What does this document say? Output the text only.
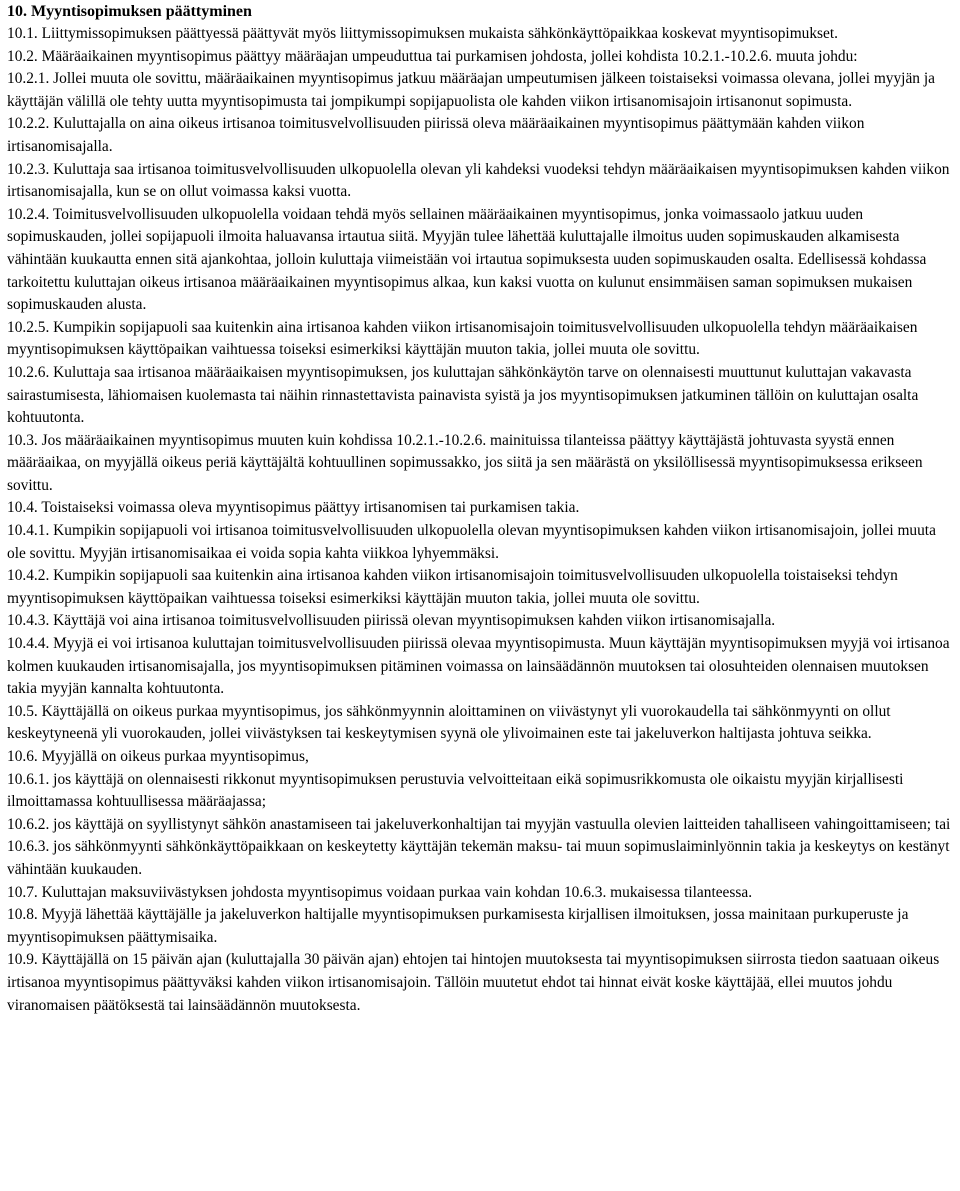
10. Myyntisopimuksen päättyminen

10.1. Liittymissopimuksen päättyessä päättyvät myös liittymissopimuksen mukaista sähkönkäyttöpaikkaa koskevat myyntisopimukset.

10.2. Määräaikainen myyntisopimus päättyy määräajan umpeuduttua tai purkamisen johdosta, jollei kohdista 10.2.1.-10.2.6. muuta johdu:

10.2.1. Jollei muuta ole sovittu, määräaikainen myyntisopimus jatkuu määräajan umpeutumisen jälkeen toistaiseksi voimassa olevana, jollei myyjän ja käyttäjän välillä ole tehty uutta myyntisopimusta tai jompikumpi sopijapuolista ole kahden viikon irtisanomisajoin irtisanonut sopimusta.

10.2.2. Kuluttajalla on aina oikeus irtisanoa toimitusvelvollisuuden piirissä oleva määräaikainen myyntisopimus päättymään kahden viikon irtisanomisajalla.

10.2.3. Kuluttaja saa irtisanoa toimitusvelvollisuuden ulkopuolella olevan yli kahdeksi vuodeksi tehdyn määräaikaisen myyntisopimuksen kahden viikon irtisanomisajalla, kun se on ollut voimassa kaksi vuotta.

10.2.4. Toimitusvelvollisuuden ulkopuolella voidaan tehdä myös sellainen määräaikainen myyntisopimus, jonka voimassaolo jatkuu uuden sopimuskauden, jollei sopijapuoli ilmoita haluavansa irtautua siitä. Myyjän tulee lähettää kuluttajalle ilmoitus uuden sopimuskauden alkamisesta vähintään kuukautta ennen sitä ajankohtaa, jolloin kuluttaja viimeistään voi irtautua sopimuksesta uuden sopimuskauden osalta. Edellisessä kohdassa tarkoitettu kuluttajan oikeus irtisanoa määräaikainen myyntisopimus alkaa, kun kaksi vuotta on kulunut ensimmäisen saman sopimuksen mukaisen sopimuskauden alusta.

10.2.5. Kumpikin sopijapuoli saa kuitenkin aina irtisanoa kahden viikon irtisanomisajoin toimitusvelvollisuuden ulkopuolella tehdyn määräaikaisen myyntisopimuksen käyttöpaikan vaihtuessa toiseksi esimerkiksi käyttäjän muuton takia, jollei muuta ole sovittu.

10.2.6. Kuluttaja saa irtisanoa määräaikaisen myyntisopimuksen, jos kuluttajan sähkönkäytön tarve on olennaisesti muuttunut kuluttajan vakavasta sairastumisesta, lähiomaisen kuolemasta tai näihin rinnastettavista painavista syistä ja jos myyntisopimuksen jatkuminen tällöin on kuluttajan osalta kohtuutonta.

10.3. Jos määräaikainen myyntisopimus muuten kuin kohdissa 10.2.1.-10.2.6. mainituissa tilanteissa päättyy käyttäjästä johtuvasta syystä ennen määräaikaa, on myyjällä oikeus periä käyttäjältä kohtuullinen sopimussakko, jos siitä ja sen määrästä on yksilöllisessä myyntisopimuksessa erikseen sovittu.

10.4. Toistaiseksi voimassa oleva myyntisopimus päättyy irtisanomisen tai purkamisen takia.

10.4.1. Kumpikin sopijapuoli voi irtisanoa toimitusvelvollisuuden ulkopuolella olevan myyntisopimuksen kahden viikon irtisanomisajoin, jollei muuta ole sovittu. Myyjän irtisanomisaikaa ei voida sopia kahta viikkoa lyhyemmäksi.

10.4.2. Kumpikin sopijapuoli saa kuitenkin aina irtisanoa kahden viikon irtisanomisajoin toimitusvelvollisuuden ulkopuolella toistaiseksi tehdyn myyntisopimuksen käyttöpaikan vaihtuessa toiseksi esimerkiksi käyttäjän muuton takia, jollei muuta ole sovittu.

10.4.3. Käyttäjä voi aina irtisanoa toimitusvelvollisuuden piirissä olevan myyntisopimuksen kahden viikon irtisanomisajalla.

10.4.4. Myyjä ei voi irtisanoa kuluttajan toimitusvelvollisuuden piirissä olevaa myyntisopimusta. Muun käyttäjän myyntisopimuksen myyjä voi irtisanoa kolmen kuukauden irtisanomisajalla, jos myyntisopimuksen pitäminen voimassa on lainsäädännön muutoksen tai olosuhteiden olennaisen muutoksen takia myyjän kannalta kohtuutonta.

10.5. Käyttäjällä on oikeus purkaa myyntisopimus, jos sähkönmyynnin aloittaminen on viivästynyt yli vuorokaudella tai sähkönmyynti on ollut keskeytyneenä yli vuorokauden, jollei viivästyksen tai keskeytymisen syynä ole ylivoimainen este tai jakeluverkon haltijasta johtuva seikka.

10.6. Myyjällä on oikeus purkaa myyntisopimus,

10.6.1. jos käyttäjä on olennaisesti rikkonut myyntisopimuksen perustuvia velvoitteitaan eikä sopimusrikkomusta ole oikaistu myyjän kirjallisesti ilmoittamassa kohtuullisessa määräajassa;

10.6.2. jos käyttäjä on syyllistynyt sähkön anastamiseen tai jakeluverkonhaltijan tai myyjän vastuulla olevien laitteiden tahalliseen vahingoittamiseen; tai

10.6.3. jos sähkönmyynti sähkönkäyttöpaikkaan on keskeytetty käyttäjän tekemän maksu- tai muun sopimuslaiminlyönnin takia ja keskeytys on kestänyt vähintään kuukauden.

10.7. Kuluttajan maksuviivästyksen johdosta myyntisopimus voidaan purkaa vain kohdan 10.6.3. mukaisessa tilanteessa.

10.8. Myyjä lähettää käyttäjälle ja jakeluverkon haltijalle myyntisopimuksen purkamisesta kirjallisen ilmoituksen, jossa mainitaan purkuperuste ja myyntisopimuksen päättymisaika.

10.9. Käyttäjällä on 15 päivän ajan (kuluttajalla 30 päivän ajan) ehtojen tai hintojen muutoksesta tai myyntisopimuksen siirrosta tiedon saatuaan oikeus irtisanoa myyntisopimus päättyväksi kahden viikon irtisanomisajoin. Tällöin muutetut ehdot tai hinnat eivät koske käyttäjää, ellei muutos johdu viranomaisen päätöksestä tai lainsäädännön muutoksesta.
